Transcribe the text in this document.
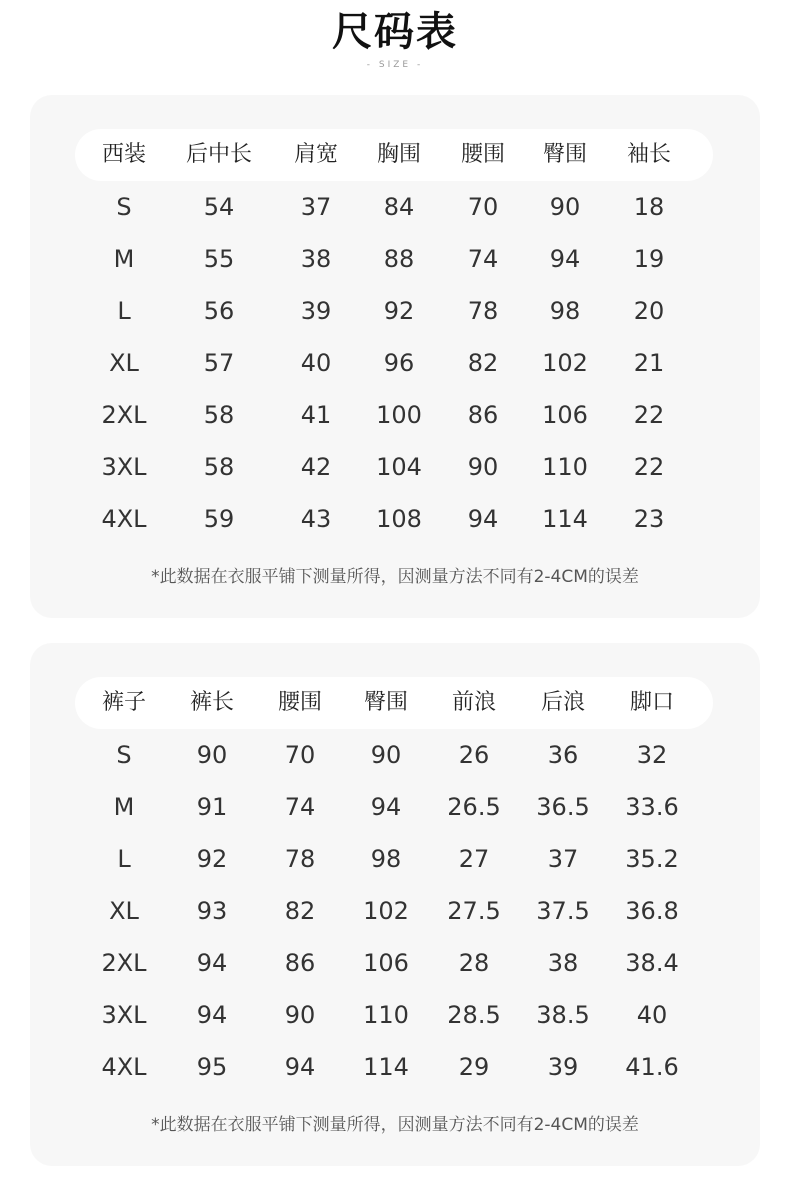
尺码表
- SIZE -
西装	后中长	肩宽	胸围	腰围	臀围	袖长
S	54	37	84	70	90	18
M	55	38	88	74	94	19
L	56	39	92	78	98	20
XL	57	40	96	82	102	21
2XL	58	41	100	86	106	22
3XL	58	42	104	90	110	22
4XL	59	43	108	94	114	23
*此数据在衣服平铺下测量所得，因测量方法不同有2-4CM的误差
裤子	裤长	腰围	臀围	前浪	后浪	脚口
S	90	70	90	26	36	32
M	91	74	94	26.5	36.5	33.6
L	92	78	98	27	37	35.2
XL	93	82	102	27.5	37.5	36.8
2XL	94	86	106	28	38	38.4
3XL	94	90	110	28.5	38.5	40
4XL	95	94	114	29	39	41.6
*此数据在衣服平铺下测量所得，因测量方法不同有2-4CM的误差
